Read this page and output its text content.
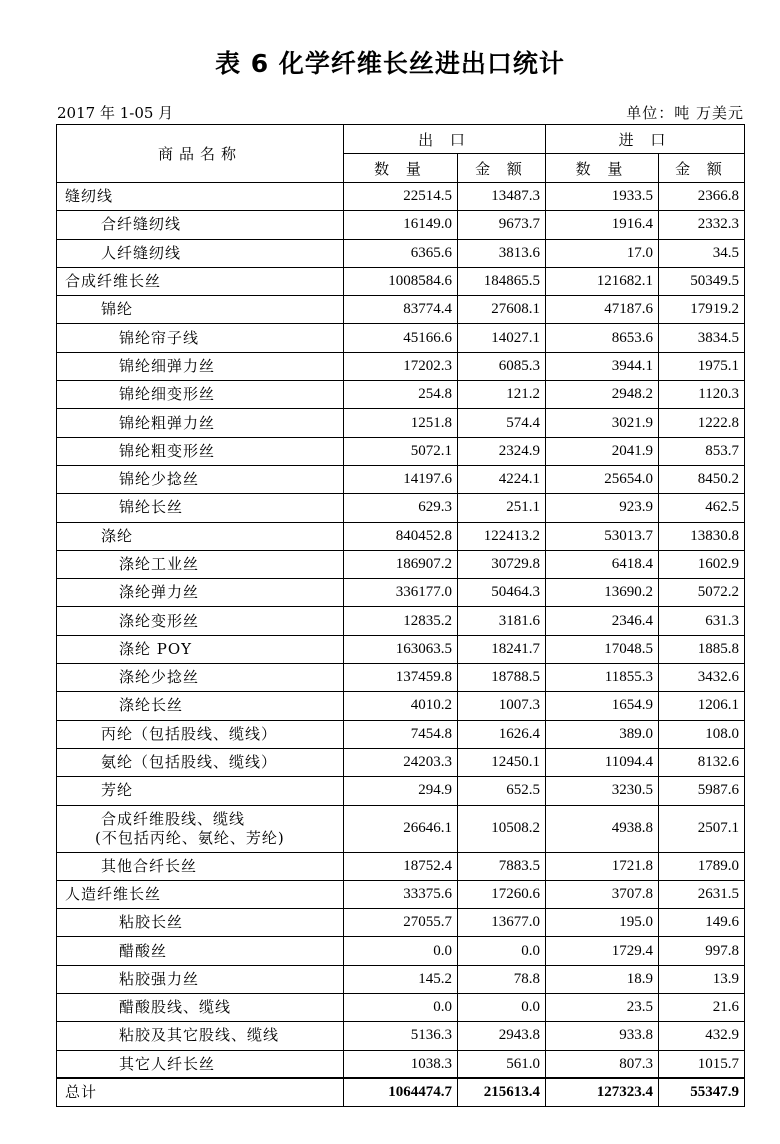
表 6 化学纤维长丝进出口统计
2017 年 1-05 月	单位：吨 万美元
商品名称	出 口		进 口	
	数 量	金 额	数 量	金 额

缝纫线	22514.5	13487.3	1933.5	2366.8

合纤缝纫线	16149.0	9673.7	1916.4	2332.3

人纤缝纫线	6365.6	3813.6	17.0	34.5

合成纤维长丝	1008584.6	184865.5	121682.1	50349.5

锦纶	83774.4	27608.1	47187.6	17919.2

锦纶帘子线	45166.6	14027.1	8653.6	3834.5

锦纶细弹力丝	17202.3	6085.3	3944.1	1975.1

锦纶细变形丝	254.8	121.2	2948.2	1120.3

锦纶粗弹力丝	1251.8	574.4	3021.9	1222.8

锦纶粗变形丝	5072.1	2324.9	2041.9	853.7

锦纶少捻丝	14197.6	4224.1	25654.0	8450.2

锦纶长丝	629.3	251.1	923.9	462.5

涤纶	840452.8	122413.2	53013.7	13830.8

涤纶工业丝	186907.2	30729.8	6418.4	1602.9

涤纶弹力丝	336177.0	50464.3	13690.2	5072.2

涤纶变形丝	12835.2	3181.6	2346.4	631.3

涤纶 POY	163063.5	18241.7	17048.5	1885.8

涤纶少捻丝	137459.8	18788.5	11855.3	3432.6

涤纶长丝	4010.2	1007.3	1654.9	1206.1

丙纶（包括股线、缆线）	7454.8	1626.4	389.0	108.0

氨纶（包括股线、缆线）	24203.3	12450.1	11094.4	8132.6

芳纶	294.9	652.5	3230.5	5987.6

合成纤维股线、缆线
(不包括丙纶、氨纶、芳纶)	26646.1	10508.2	4938.8	2507.1

其他合纤长丝	18752.4	7883.5	1721.8	1789.0

人造纤维长丝	33375.6	17260.6	3707.8	2631.5

粘胶长丝	27055.7	13677.0	195.0	149.6

醋酸丝	0.0	0.0	1729.4	997.8

粘胶强力丝	145.2	78.8	18.9	13.9

醋酸股线、缆线	0.0	0.0	23.5	21.6

粘胶及其它股线、缆线	5136.3	2943.8	933.8	432.9

其它人纤长丝	1038.3	561.0	807.3	1015.7
总计	1064474.7	215613.4	127323.4	55347.9
